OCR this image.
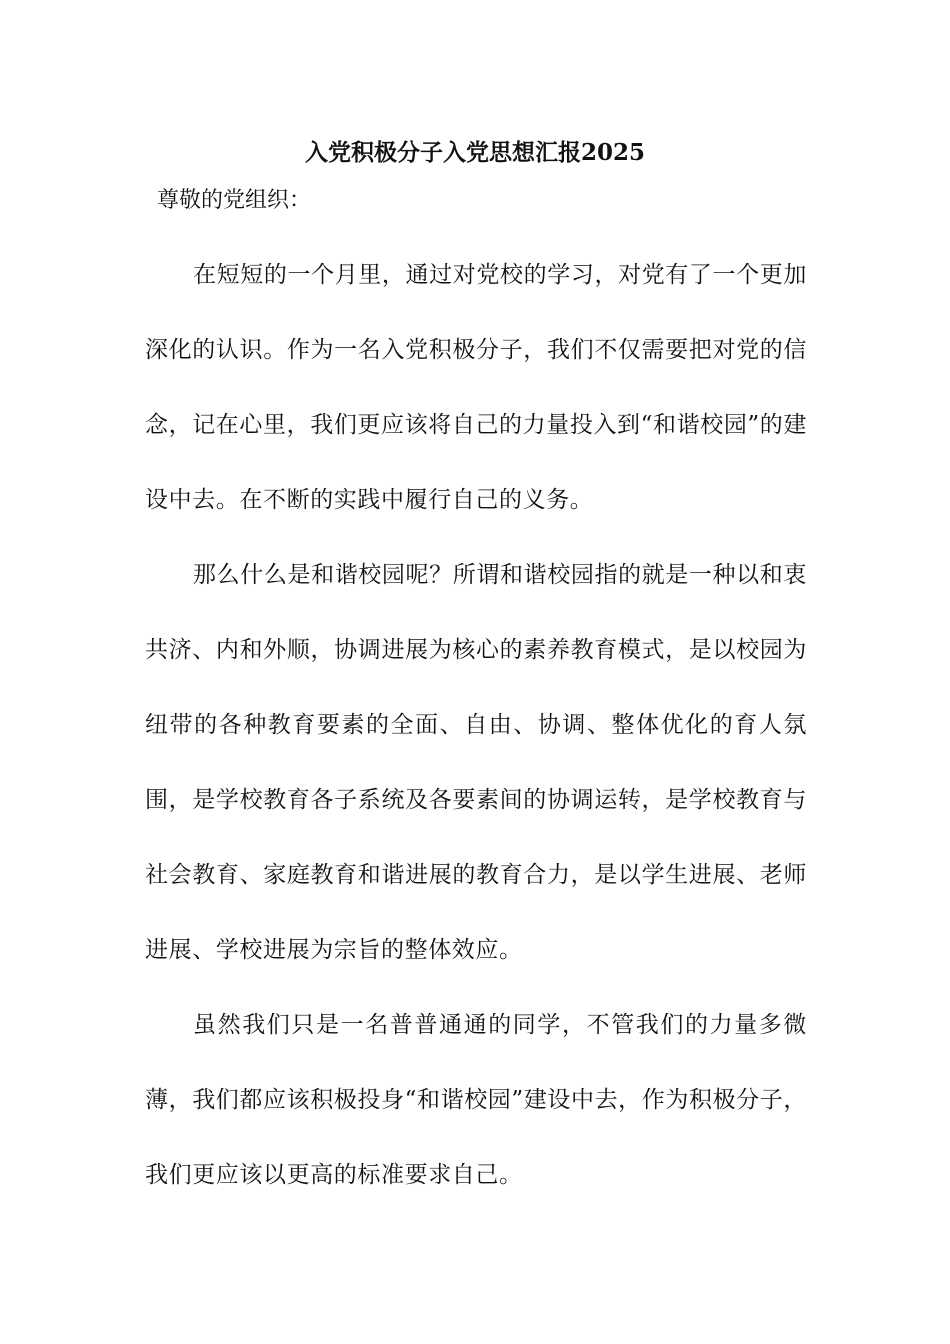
入党积极分子入党思想汇报2025
尊敬的党组织：

在短短的一个月里，通过对党校的学习，对党有了一个更加深化的认识。作为一名入党积极分子，我们不仅需要把对党的信念，记在心里，我们更应该将自己的力量投入到“和谐校园”的建设中去。在不断的实践中履行自己的义务。

那么什么是和谐校园呢？所谓和谐校园指的就是一种以和衷共济、内和外顺，协调进展为核心的素养教育模式，是以校园为纽带的各种教育要素的全面、自由、协调、整体优化的育人氛围，是学校教育各子系统及各要素间的协调运转，是学校教育与社会教育、家庭教育和谐进展的教育合力，是以学生进展、老师进展、学校进展为宗旨的整体效应。

虽然我们只是一名普普通通的同学，不管我们的力量多微薄，我们都应该积极投身“和谐校园”建设中去，作为积极分子，我们更应该以更高的标准要求自己。
